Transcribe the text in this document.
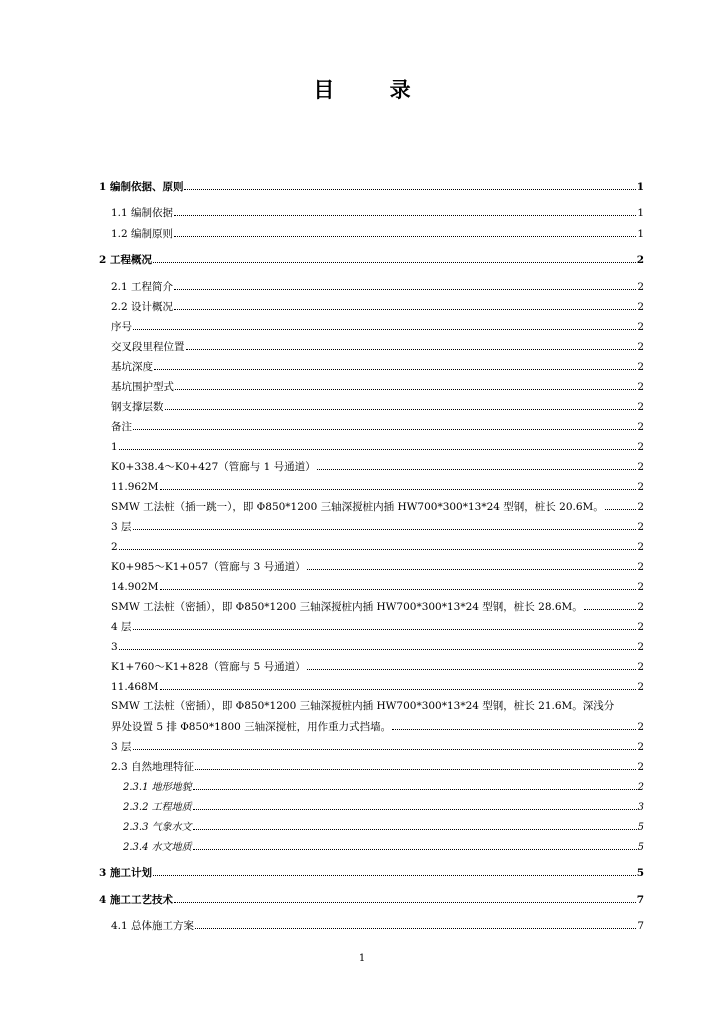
目 录
1 编制依据、原则	1
1.1 编制依据	1
1.2 编制原则	1
2 工程概况	2
2.1 工程简介	2
2.2 设计概况	2
序号	2
交叉段里程位置	2
基坑深度	2
基坑围护型式	2
钢支撑层数	2
备注	2
1	2
K0+338.4～K0+427（管廊与 1 号通道）	2
11.962M	2
SMW 工法桩（插一跳一），即 Φ850*1200 三轴深搅桩内插 HW700*300*13*24 型钢，桩长 20.6M。	2
3 层	2
2	2
K0+985～K1+057（管廊与 3 号通道）	2
14.902M	2
SMW 工法桩（密插），即 Φ850*1200 三轴深搅桩内插 HW700*300*13*24 型钢，桩长 28.6M。	2
4 层	2
3	2
K1+760～K1+828（管廊与 5 号通道）	2
11.468M	2
SMW 工法桩（密插），即 Φ850*1200 三轴深搅桩内插 HW700*300*13*24 型钢，桩长 21.6M。深浅分
界处设置 5 排 Φ850*1800 三轴深搅桩，用作重力式挡墙。	2
3 层	2
2.3 自然地理特征	2
2.3.1 地形地貌	2
2.3.2 工程地质	3
2.3.3 气象水文	5
2.3.4 水文地质	5
3 施工计划	5
4 施工工艺技术	7
4.1 总体施工方案	7
1
